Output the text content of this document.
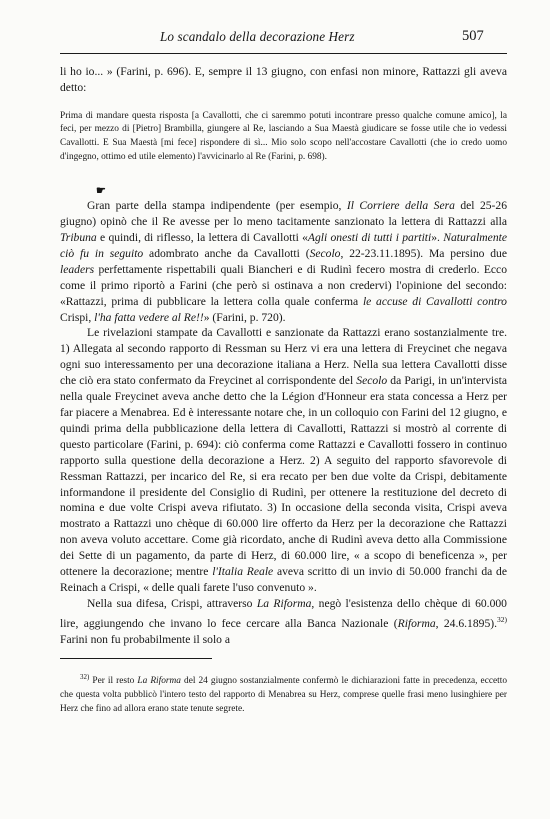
Lo scandalo della decorazione Herz	507

li ho io... » (Farini, p. 696). E, sempre il 13 giugno, con enfasi non minore, Rattazzi gli aveva detto:

Prima di mandare questa risposta [a Cavallotti, che ci saremmo potuti incontrare presso qualche comune amico], la feci, per mezzo di [Pietro] Brambilla, giungere al Re, lasciando a Sua Maestà giudicare se fosse utile che io vedessi Cavallotti. E Sua Maestà [mi fece] rispondere di sì... Mio solo scopo nell'accostare Cavallotti (che io credo uomo d'ingegno, ottimo ed utile elemento) l'avvicinarlo al Re (Farini, p. 698).

☛

Gran parte della stampa indipendente (per esempio, Il Corriere della Sera del 25-26 giugno) opinò che il Re avesse per lo meno tacitamente sanzionato la lettera di Rattazzi alla Tribuna e quindi, di riflesso, la lettera di Cavallotti «Agli onesti di tutti i partiti». Naturalmente ciò fu in seguito adombrato anche da Cavallotti (Secolo, 22-23.11.1895). Ma persino due leaders perfettamente rispettabili quali Biancheri e di Rudinì fecero mostra di crederlo. Ecco come il primo riportò a Farini (che però si ostinava a non credervi) l'opinione del secondo: «Rattazzi, prima di pubblicare la lettera colla quale conferma le accuse di Cavallotti contro Crispi, l'ha fatta vedere al Re!!» (Farini, p. 720).

Le rivelazioni stampate da Cavallotti e sanzionate da Rattazzi erano sostanzialmente tre. 1) Allegata al secondo rapporto di Ressman su Herz vi era una lettera di Freycinet che negava ogni suo interessamento per una decorazione italiana a Herz. Nella sua lettera Cavallotti disse che ciò era stato confermato da Freycinet al corrispondente del Secolo da Parigi, in un'intervista nella quale Freycinet aveva anche detto che la Légion d'Honneur era stata concessa a Herz per far piacere a Menabrea. Ed è interessante notare che, in un colloquio con Farini del 12 giugno, e quindi prima della pubblicazione della lettera di Cavallotti, Rattazzi si mostrò al corrente di questo particolare (Farini, p. 694): ciò conferma come Rattazzi e Cavallotti fossero in continuo rapporto sulla questione della decorazione a Herz. 2) A seguito del rapporto sfavorevole di Ressman Rattazzi, per incarico del Re, si era recato per ben due volte da Crispi, debitamente informandone il presidente del Consiglio di Rudinì, per ottenere la restituzione del decreto di nomina e due volte Crispi aveva rifiutato. 3) In occasione della seconda visita, Crispi aveva mostrato a Rattazzi uno chèque di 60.000 lire offerto da Herz per la decorazione che Rattazzi non aveva voluto accettare. Come già ricordato, anche di Rudinì aveva detto alla Commissione dei Sette di un pagamento, da parte di Herz, di 60.000 lire, « a scopo di beneficenza », per ottenere la decorazione; mentre l'Italia Reale aveva scritto di un invio di 50.000 franchi da de Reinach a Crispi, « delle quali farete l'uso convenuto ».

Nella sua difesa, Crispi, attraverso La Riforma, negò l'esistenza dello chèque di 60.000 lire, aggiungendo che invano lo fece cercare alla Banca Nazionale (Riforma, 24.6.1895).$^{32)}$ Farini non fu probabilmente il solo a

$^{32)}$ Per il resto La Riforma del 24 giugno sostanzialmente confermò le dichiarazioni fatte in precedenza, eccetto che questa volta pubblicò l'intero testo del rapporto di Menabrea su Herz, comprese quelle frasi meno lusinghiere per Herz che fino ad allora erano state tenute segrete.
